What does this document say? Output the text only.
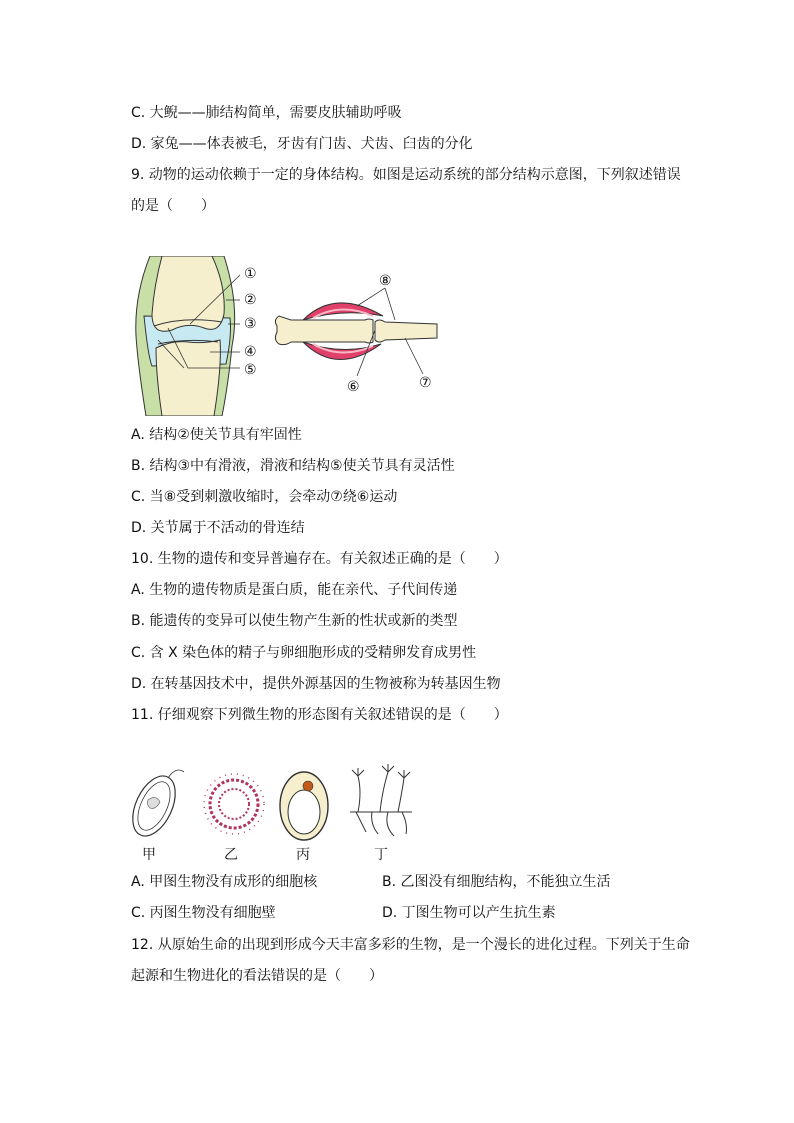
C. 大鲵——肺结构简单，需要皮肤辅助呼吸
D. 家兔——体表被毛，牙齿有门齿、犬齿、臼齿的分化
9. 动物的运动依赖于一定的身体结构。如图是运动系统的部分结构示意图，下列叙述错误
的是（　　）
①
②
③
④
⑤
⑧
⑥	⑦
A. 结构②使关节具有牢固性
B. 结构③中有滑液，滑液和结构⑤使关节具有灵活性
C. 当⑧受到刺激收缩时，会牵动⑦绕⑥运动
D. 关节属于不活动的骨连结
10. 生物的遗传和变异普遍存在。有关叙述正确的是（　　）
A. 生物的遗传物质是蛋白质，能在亲代、子代间传递
B. 能遗传的变异可以使生物产生新的性状或新的类型
C. 含 X 染色体的精子与卵细胞形成的受精卵发育成男性
D. 在转基因技术中，提供外源基因的生物被称为转基因生物
11. 仔细观察下列微生物的形态图有关叙述错误的是（　　）
甲	乙	丙	丁
A. 甲图生物没有成形的细胞核	B. 乙图没有细胞结构，不能独立生活
C. 丙图生物没有细胞壁	D. 丁图生物可以产生抗生素
12. 从原始生命的出现到形成今天丰富多彩的生物，是一个漫长的进化过程。下列关于生命
起源和生物进化的看法错误的是（　　）
